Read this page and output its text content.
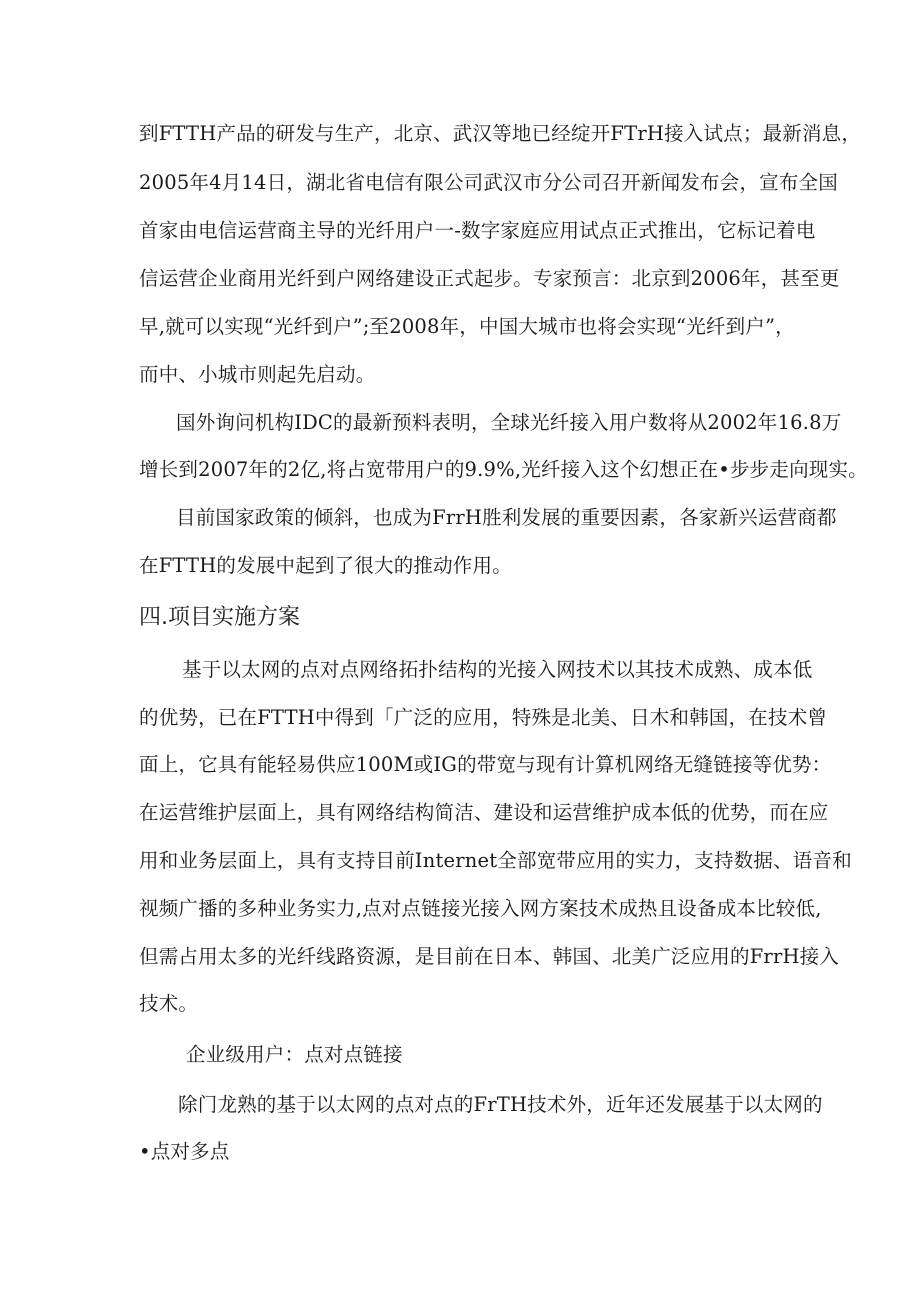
到FTTH产品的研发与生产，北京、武汉等地已经绽开FTrH接入试点；最新消息，
2005年4月14日，湖北省电信有限公司武汉市分公司召开新闻发布会，宣布全国
首家由电信运营商主导的光纤用户一-数字家庭应用试点正式推出，它标记着电
信运营企业商用光纤到户网络建设正式起步。专家预言：北京到2006年，甚至更
早,就可以实现“光纤到户”;至2008年，中国大城市也将会实现“光纤到户”，
而中、小城市则起先启动。
国外询问机构IDC的最新预料表明，全球光纤接入用户数将从2002年16.8万
增长到2007年的2亿,将占宽带用户的9.9%,光纤接入这个幻想正在•步步走向现实。
目前国家政策的倾斜，也成为FrrH胜利发展的重要因素，各家新兴运营商都
在FTTH的发展中起到了很大的推动作用。
四.项目实施方案
基于以太网的点对点网络拓扑结构的光接入网技术以其技术成熟、成本低
的优势，已在FTTH中得到「广泛的应用，特殊是北美、日木和韩国，在技术曾
面上，它具有能轻易供应100M或IG的带宽与现有计算机网络无缝链接等优势：
在运营维护层面上，具有网络结构简洁、建设和运营维护成本低的优势，而在应
用和业务层面上，具有支持目前Internet全部宽带应用的实力，支持数据、语音和
视频广播的多种业务实力,点对点链接光接入网方案技术成热且设备成本比较低,
但需占用太多的光纤线路资源，是目前在日本、韩国、北美广泛应用的FrrH接入
技术。
企业级用户：点对点链接
除门龙熟的基于以太网的点对点的FrTH技术外，近年还发展基于以太网的
•点对多点
